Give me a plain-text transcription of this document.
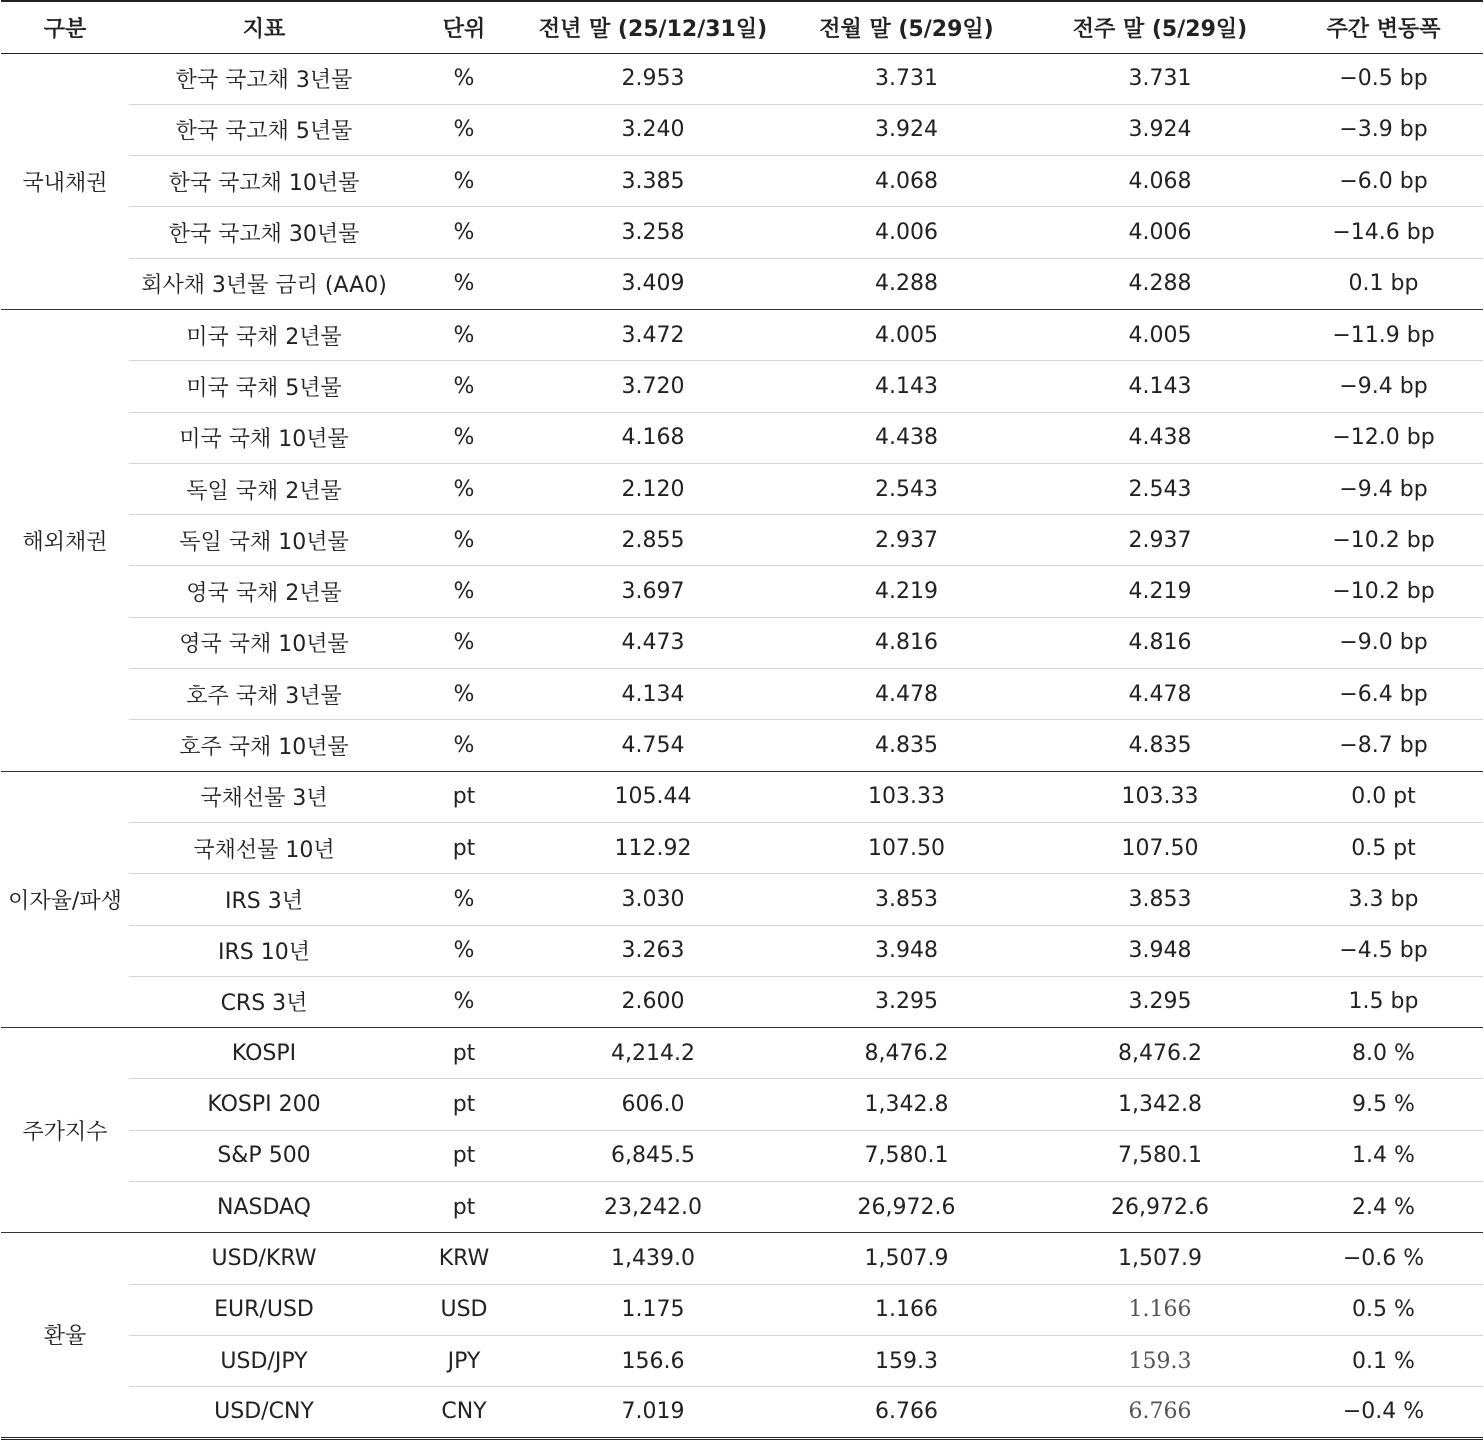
구분	지표	단위	전년 말 (25/12/31일)	전월 말 (5/29일)	전주 말 (5/29일)	주간 변동폭
국내채권	한국 국고채 3년물	%	2.953	3.731	3.731	−0.5 bp
	한국 국고채 5년물	%	3.240	3.924	3.924	−3.9 bp
	한국 국고채 10년물	%	3.385	4.068	4.068	−6.0 bp
	한국 국고채 30년물	%	3.258	4.006	4.006	−14.6 bp
	회사채 3년물 금리 (AA0)	%	3.409	4.288	4.288	0.1 bp
해외채권	미국 국채 2년물	%	3.472	4.005	4.005	−11.9 bp
	미국 국채 5년물	%	3.720	4.143	4.143	−9.4 bp
	미국 국채 10년물	%	4.168	4.438	4.438	−12.0 bp
	독일 국채 2년물	%	2.120	2.543	2.543	−9.4 bp
	독일 국채 10년물	%	2.855	2.937	2.937	−10.2 bp
	영국 국채 2년물	%	3.697	4.219	4.219	−10.2 bp
	영국 국채 10년물	%	4.473	4.816	4.816	−9.0 bp
	호주 국채 3년물	%	4.134	4.478	4.478	−6.4 bp
	호주 국채 10년물	%	4.754	4.835	4.835	−8.7 bp
이자율/파생	국채선물 3년	pt	105.44	103.33	103.33	0.0 pt
	국채선물 10년	pt	112.92	107.50	107.50	0.5 pt
	IRS 3년	%	3.030	3.853	3.853	3.3 bp
	IRS 10년	%	3.263	3.948	3.948	−4.5 bp
	CRS 3년	%	2.600	3.295	3.295	1.5 bp
주가지수	KOSPI	pt	4,214.2	8,476.2	8,476.2	8.0 %
	KOSPI 200	pt	606.0	1,342.8	1,342.8	9.5 %
	S&P 500	pt	6,845.5	7,580.1	7,580.1	1.4 %
	NASDAQ	pt	23,242.0	26,972.6	26,972.6	2.4 %
환율	USD/KRW	KRW	1,439.0	1,507.9	1,507.9	−0.6 %
	EUR/USD	USD	1.175	1.166	1.166	0.5 %
	USD/JPY	JPY	156.6	159.3	159.3	0.1 %
	USD/CNY	CNY	7.019	6.766	6.766	−0.4 %
